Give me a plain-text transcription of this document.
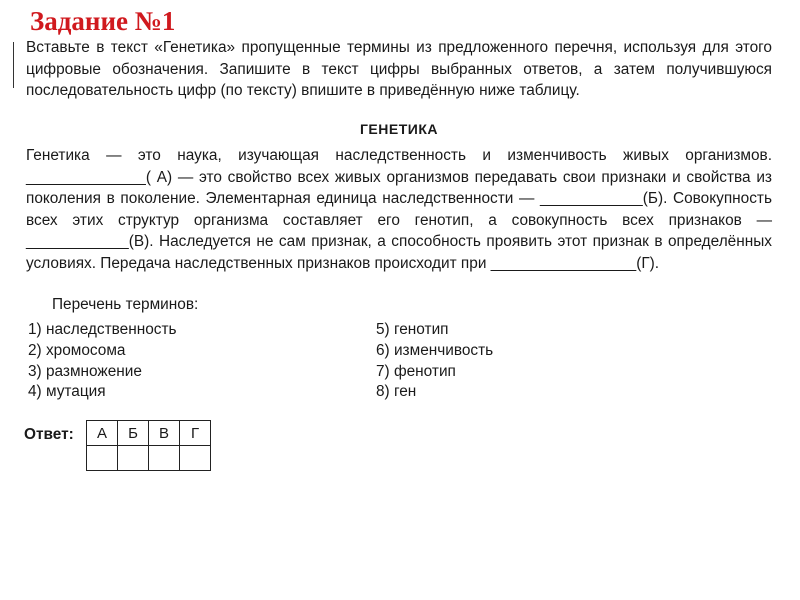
Задание №1

Вставьте в текст «Генетика» пропущенные термины из предложенного перечня, используя для этого цифровые обозначения. Запишите в текст цифры выбранных ответов, а затем получившуюся последовательность цифр (по тексту) впишите в приведённую ниже таблицу.

ГЕНЕТИКА

Генетика — это наука, изучающая наследственность и изменчивость живых организмов. ______________( А) — это свойство всех живых организмов передавать свои признаки и свойства из поколения в поколение. Элементарная единица наследственности — ____________(Б). Совокупность всех этих структур организма составляет его генотип, а совокупность всех признаков — ____________(В). Наследуется не сам признак, а способность проявить этот признак в определённых условиях. Передача наследственных признаков происходит при _________________(Г).

Перечень терминов:

1) наследственность
2) хромосома
3) размножение
4) мутация
5) генотип
6) изменчивость
7) фенотип
8) ген
Ответ: А	Б	В	Г
